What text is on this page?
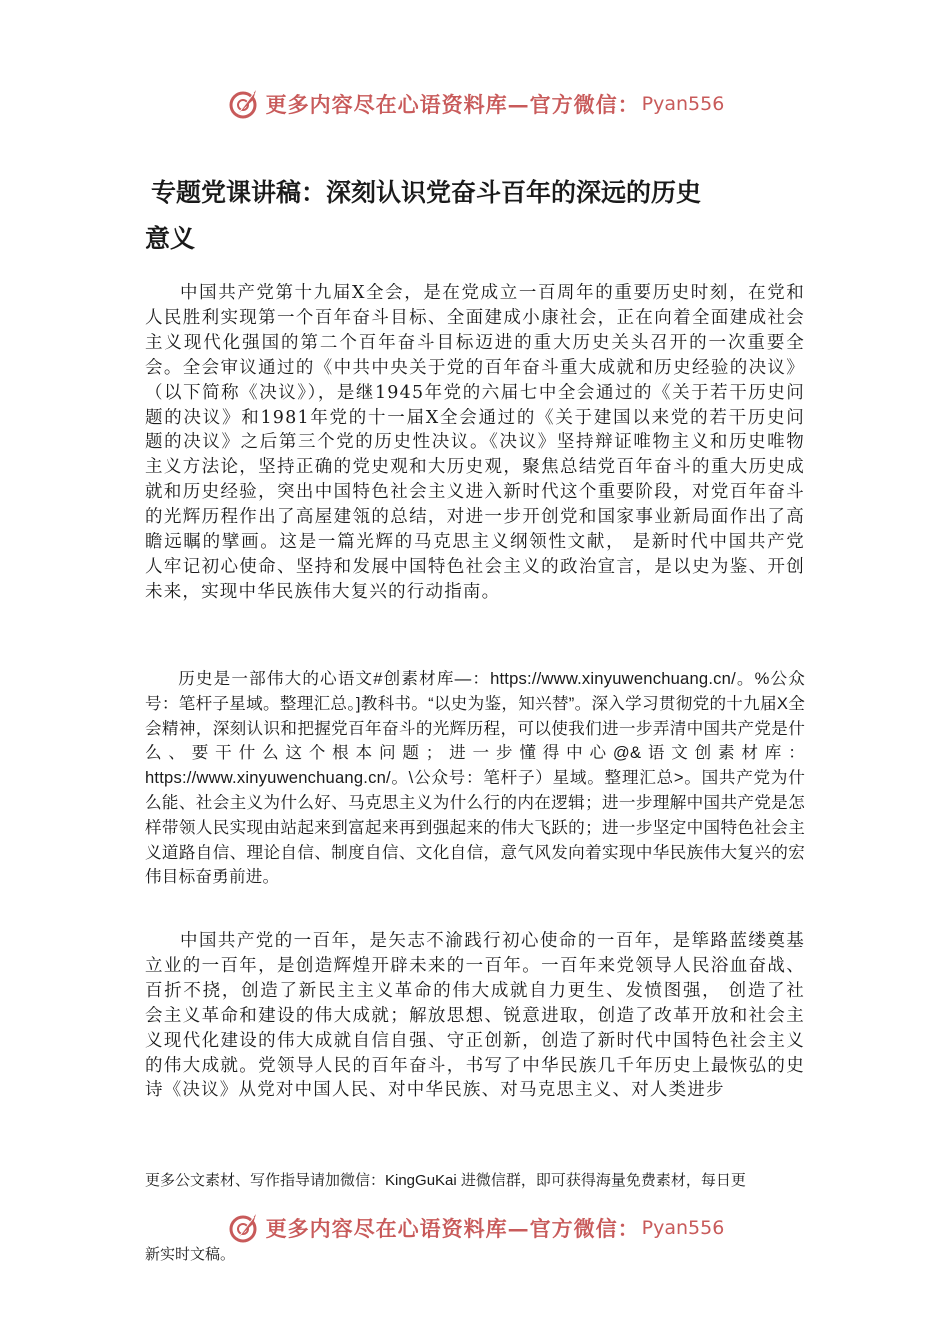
更多内容尽在心语资料库—官方微信： Pyan556
专题党课讲稿：深刻认识党奋斗百年的深远的历史
意义

中国共产党第十九届X全会，是在党成立一百周年的重要历史时刻，在党和人民胜利实现第一个百年奋斗目标、全面建成小康社会，正在向着全面建成社会主义现代化强国的第二个百年奋斗目标迈进的重大历史关头召开的一次重要全会。全会审议通过的《中共中央关于党的百年奋斗重大成就和历史经验的决议》（以下简称《决议》），是继1945年党的六届七中全会通过的《关于若干历史问题的决议》和1981年党的十一届X全会通过的《关于建国以来党的若干历史问题的决议》之后第三个党的历史性决议。《决议》坚持辩证唯物主义和历史唯物主义方法论，坚持正确的党史观和大历史观，聚焦总结党百年奋斗的重大历史成就和历史经验，突出中国特色社会主义进入新时代这个重要阶段，对党百年奋斗的光辉历程作出了高屋建瓴的总结，对进一步开创党和国家事业新局面作出了高瞻远瞩的擘画。这是一篇光辉的马克思主义纲领性文献， 是新时代中国共产党人牢记初心使命、坚持和发展中国特色社会主义的政治宣言，是以史为鉴、开创未来，实现中华民族伟大复兴的行动指南。

历史是一部伟大的心语文#创素材库—：https://www.xinyuwenchuang.cn/。%公众号：笔杆子星域。整理汇总。]教科书。“以史为鉴，知兴替”。深入学习贯彻党的十九届X全会精神，深刻认识和把握党百年奋斗的光辉历程，可以使我们进一步弄清中国共产党是什么、要干什么这个根本问题；进一步懂得中心@&语文创素材库：https://www.xinyuwenchuang.cn/。\公众号：笔杆子）星域。整理汇总>。国共产党为什么能、社会主义为什么好、马克思主义为什么行的内在逻辑；进一步理解中国共产党是怎样带领人民实现由站起来到富起来再到强起来的伟大飞跃的；进一步坚定中国特色社会主义道路自信、理论自信、制度自信、文化自信，意气风发向着实现中华民族伟大复兴的宏伟目标奋勇前进。

中国共产党的一百年，是矢志不渝践行初心使命的一百年，是筚路蓝缕奠基立业的一百年，是创造辉煌开辟未来的一百年。一百年来党领导人民浴血奋战、百折不挠，创造了新民主主义革命的伟大成就自力更生、发愤图强， 创造了社会主义革命和建设的伟大成就；解放思想、锐意进取，创造了改革开放和社会主义现代化建设的伟大成就自信自强、守正创新，创造了新时代中国特色社会主义的伟大成就。党领导人民的百年奋斗，书写了中华民族几千年历史上最恢弘的史诗《决议》从党对中国人民、对中华民族、对马克思主义、对人类进步

更多公文素材、写作指导请加微信：KingGuKai 进微信群，即可获得海量免费素材，每日更
更多内容尽在心语资料库—官方微信： Pyan556
新实时文稿。
